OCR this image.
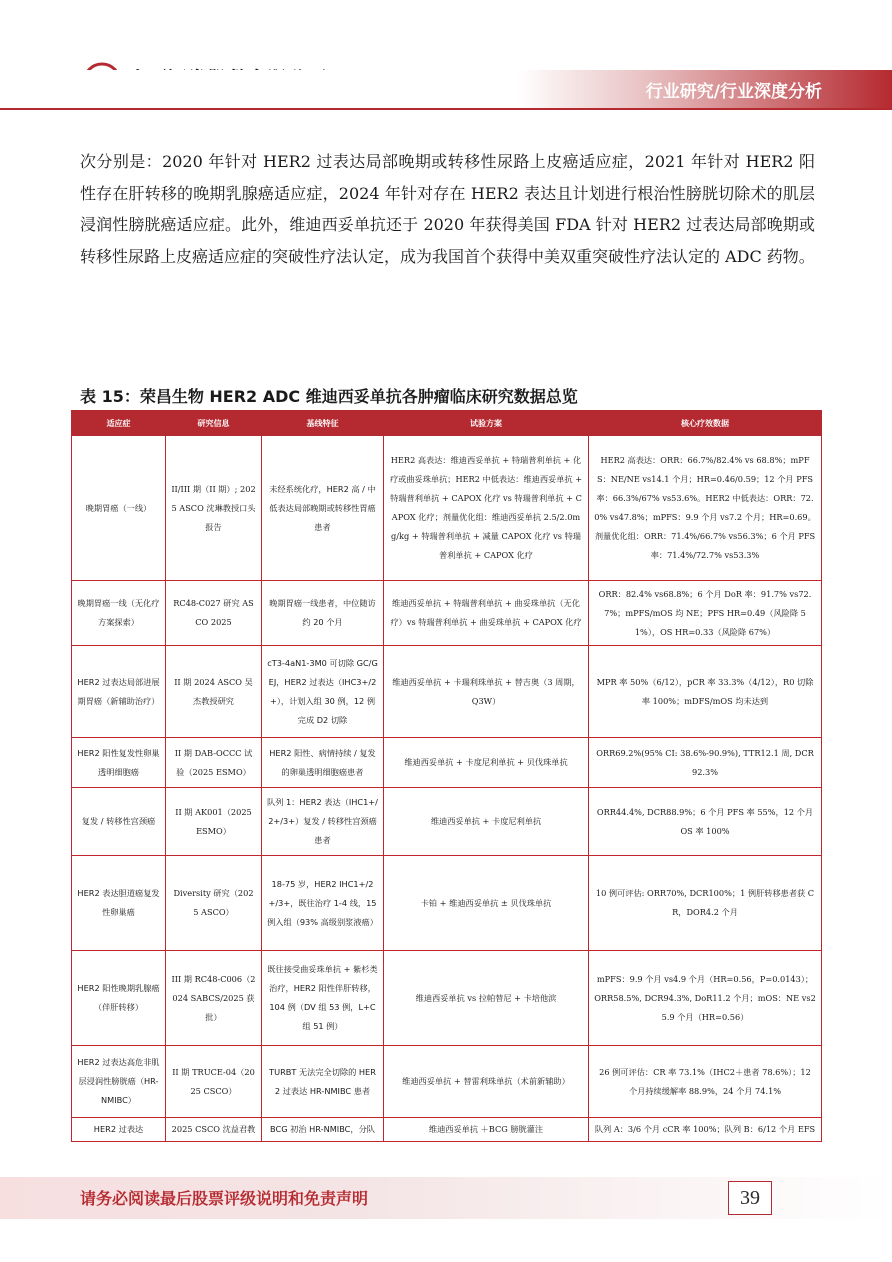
行业研究/行业深度分析

次分别是：2020 年针对 HER2 过表达局部晚期或转移性尿路上皮癌适应症，2021 年针对 HER2 阳性存在肝转移的晚期乳腺癌适应症，2024 年针对存在 HER2 表达且计划进行根治性膀胱切除术的肌层浸润性膀胱癌适应症。此外，维迪西妥单抗还于 2020 年获得美国 FDA 针对 HER2 过表达局部晚期或转移性尿路上皮癌适应症的突破性疗法认定，成为我国首个获得中美双重突破性疗法认定的 ADC 药物。

表 15：荣昌生物 HER2 ADC 维迪西妥单抗各肿瘤临床研究数据总览
适应症	研究信息	基线特征	试验方案	核心疗效数据
晚期胃癌（一线）	II/III 期（II 期）; 2025 ASCO 沈琳教授口头报告	未经系统化疗，HER2 高 / 中低表达局部晚期或转移性胃癌患者	HER2 高表达：维迪西妥单抗 + 特瑞普利单抗 + 化疗或曲妥珠单抗；HER2 中低表达：维迪西妥单抗 + 特瑞普利单抗 + CAPOX 化疗 vs 特瑞普利单抗 + CAPOX 化疗；剂量优化组：维迪西妥单抗 2.5/2.0mg/kg + 特瑞普利单抗 + 减量 CAPOX 化疗 vs 特瑞普利单抗 + CAPOX 化疗	HER2 高表达：ORR：66.7%/82.4% vs 68.8%；mPFS：NE/NE vs14.1 个月；HR=0.46/0.59；12 个月 PFS 率：66.3%/67% vs53.6%。HER2 中低表达：ORR：72.0% vs47.8%；mPFS：9.9 个月 vs7.2 个月；HR=0.69。剂量优化组：ORR：71.4%/66.7% vs56.3%；6 个月 PFS 率：71.4%/72.7% vs53.3%
晚期胃癌一线（无化疗方案探索）	RC48-C027 研究 ASCO 2025	晚期胃癌一线患者，中位随访约 20 个月	维迪西妥单抗 + 特瑞普利单抗 + 曲妥珠单抗（无化疗）vs 特瑞普利单抗 + 曲妥珠单抗 + CAPOX 化疗	ORR：82.4% vs68.8%；6 个月 DoR 率：91.7% vs72.7%；mPFS/mOS 均 NE；PFS HR=0.49（风险降 51%），OS HR=0.33（风险降 67%）
HER2 过表达局部进展期胃癌（新辅助治疗）	II 期 2024 ASCO 吴杰教授研究	cT3-4aN1-3M0 可切除 GC/GEJ，HER2 过表达（IHC3+/2+），计划入组 30 例，12 例完成 D2 切除	维迪西妥单抗 + 卡瑞利珠单抗 + 替吉奥（3 周期，Q3W）	MPR 率 50%（6/12），pCR 率 33.3%（4/12），R0 切除率 100%；mDFS/mOS 均未达到
HER2 阳性复发性卵巢透明细胞癌	II 期 DAB-OCCC 试验（2025 ESMO）	HER2 阳性、病情持续 / 复发的卵巢透明细胞癌患者	维迪西妥单抗 + 卡度尼利单抗 + 贝伐珠单抗	ORR69.2%(95% CI: 38.6%-90.9%), TTR12.1 周, DCR92.3%
复发 / 转移性宫颈癌	II 期 AK001（2025 ESMO）	队列 1：HER2 表达（IHC1+/2+/3+）复发 / 转移性宫颈癌患者	维迪西妥单抗 + 卡度尼利单抗	ORR44.4%, DCR88.9%；6 个月 PFS 率 55%，12 个月 OS 率 100%
HER2 表达胆道癌复发性卵巢癌	Diversity 研究（2025 ASCO）	18-75 岁，HER2 IHC1+/2+/3+，既往治疗 1-4 线，15 例入组（93% 高级别浆液癌）	卡铂 + 维迪西妥单抗 ± 贝伐珠单抗	10 例可评估: ORR70%, DCR100%；1 例肝转移患者获 CR，DOR4.2 个月
HER2 阳性晚期乳腺癌（伴肝转移）	III 期 RC48-C006（2024 SABCS/2025 获批）	既往接受曲妥珠单抗 + 紫杉类治疗，HER2 阳性伴肝转移，104 例（DV 组 53 例，L+C 组 51 例）	维迪西妥单抗 vs 拉帕替尼 + 卡培他滨	mPFS：9.9 个月 vs4.9 个月（HR=0.56，P=0.0143）；ORR58.5%, DCR94.3%, DoR11.2 个月；mOS：NE vs25.9 个月（HR=0.56）
HER2 过表达高危非肌层浸润性膀胱癌（HR-NMIBC）	II 期 TRUCE-04（2025 CSCO）	TURBT 无法完全切除的 HER2 过表达 HR-NMIBC 患者	维迪西妥单抗 + 替雷利珠单抗（术前新辅助）	26 例可评估：CR 率 73.1%（IHC2＋患者 78.6%）；12 个月持续缓解率 88.9%，24 个月 74.1%
HER2 过表达	2025 CSCO 沈益君教	BCG 初治 HR-NMIBC，分队	维迪西妥单抗 ＋BCG 膀胱灌注	队列 A：3/6 个月 cCR 率 100%；队列 B：6/12 个月 EFS
请务必阅读最后股票评级说明和免责声明	39
